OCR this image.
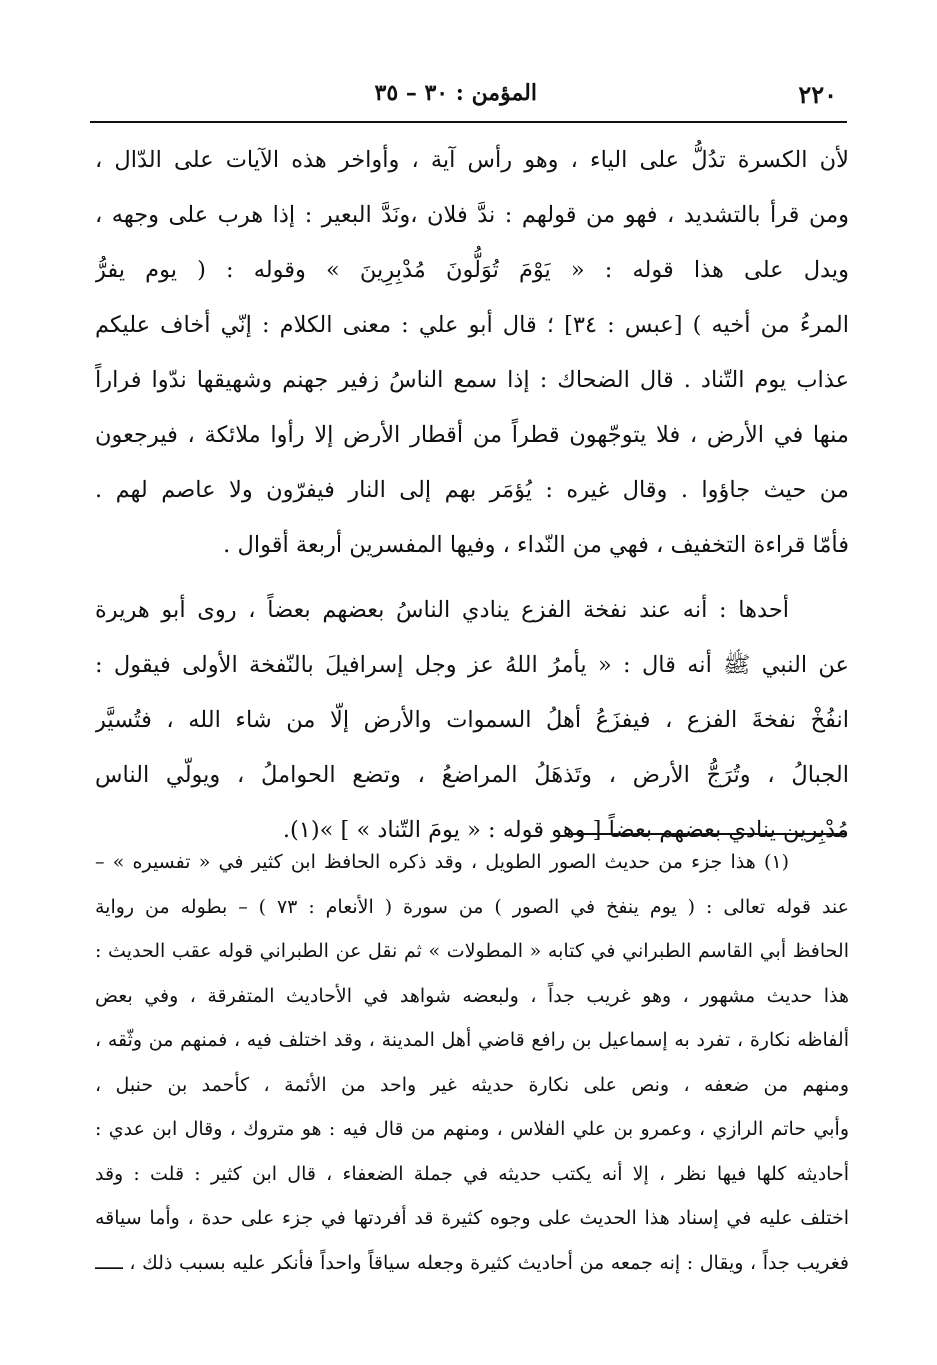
٢٢٠
المؤمن : ٣٠ – ٣٥
لأن الكسرة تدُلُّ على الياء ، وهو رأس آية ، وأواخر هذه الآيات على الدّال ،
ومن قرأ بالتشديد ، فهو من قولهم : ندَّ فلان ،ونَدَّ البعير : إذا هرب على وجهه ،
ويدل على هذا قوله : « يَوْمَ تُوَلُّونَ مُدْبِرِينَ » وقوله : ( يوم يفرُّ
المرءُ من أخيه ) [عبس : ٣٤] ؛ قال أبو علي : معنى الكلام : إنّي أخاف عليكم
عذاب يوم التّناد . قال الضحاك : إذا سمع الناسُ زفير جهنم وشهيقها ندّوا فراراً
منها في الأرض ، فلا يتوجّهون قطراً من أقطار الأرض إلا رأوا ملائكة ، فيرجعون
من حيث جاؤوا . وقال غيره : يُؤمَر بهم إلى النار فيفرّون ولا عاصم لهم .
فأمّا قراءة التخفيف ، فهي من النّداء ، وفيها المفسرين أربعة أقوال .
أحدها : أنه عند نفخة الفزع ينادي الناسُ بعضهم بعضاً ، روى أبو هريرة
عن النبي ﷺ أنه قال : « يأمرُ اللهُ عز وجل إسرافيلَ بالنّفخة الأولى فيقول :
انفُخْ نفخةَ الفزع ، فيفزَعُ أهلُ السموات والأرض إلّا من شاء الله ، فتُسيَّر
الجبالُ ، وتُرَجُّ الأرض ، وتَذهَلُ المراضعُ ، وتضع الحواملُ ، ويولّي الناس
مُدْبِرين ينادي بعضهم بعضاً [ وهو قوله : « يومَ التّناد » ] »(١).
(١) هذا جزء من حديث الصور الطويل ، وقد ذكره الحافظ ابن كثير في « تفسيره » –
عند قوله تعالى : ( يوم ينفخ في الصور ) من سورة ( الأنعام : ٧٣ ) – بطوله من رواية
الحافظ أبي القاسم الطبراني في كتابه « المطولات » ثم نقل عن الطبراني قوله عقب الحديث :
هذا حديث مشهور ، وهو غريب جداً ، ولبعضه شواهد في الأحاديث المتفرقة ، وفي بعض
ألفاظه نكارة ، تفرد به إسماعيل بن رافع قاضي أهل المدينة ، وقد اختلف فيه ، فمنهم من وثّقه ،
ومنهم من ضعفه ، ونص على نكارة حديثه غير واحد من الأئمة ، كأحمد بن حنبل ،
وأبي حاتم الرازي ، وعمرو بن علي الفلاس ، ومنهم من قال فيه : هو متروك ، وقال ابن عدي :
أحاديثه كلها فيها نظر ، إلا أنه يكتب حديثه في جملة الضعفاء ، قال ابن كثير : قلت : وقد
اختلف عليه في إسناد هذا الحديث على وجوه كثيرة قد أفردتها في جزء على حدة ، وأما سياقه
فغريب جداً ، ويقال : إنه جمعه من أحاديث كثيرة وجعله سياقاً واحداً فأنكر عليه بسبب ذلك ، ـــــ
